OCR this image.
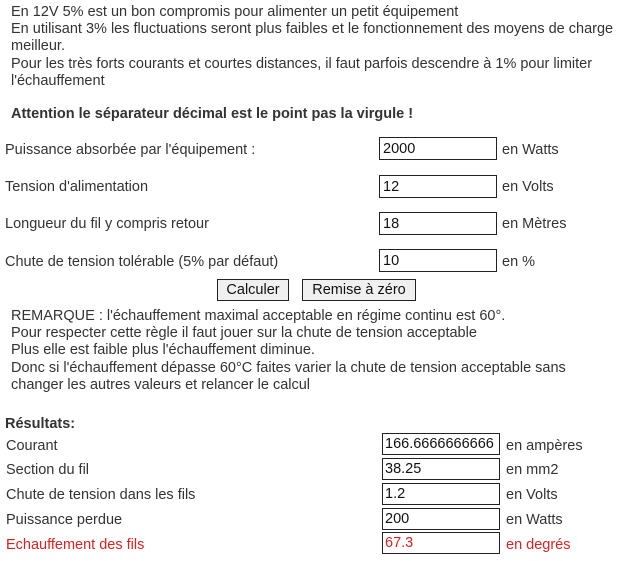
En 12V 5% est un bon compromis pour alimenter un petit équipement

En utilisant 3% les fluctuations seront plus faibles et le fonctionnement des moyens de charge meilleur.

Pour les très forts courants et courtes distances, il faut parfois descendre à 1% pour limiter l'échauffement

Attention le séparateur décimal est le point pas la virgule !
Puissance absorbée par l'équipement :
2000	en Watts
Tension d'alimentation
12	en Volts
Longueur du fil y compris retour
18	en Mètres
Chute de tension tolérable (5% par défaut)
10	en %
Calculer	Remise à zéro

REMARQUE : l'échauffement maximal acceptable en régime continu est 60°.

Pour respecter cette règle il faut jouer sur la chute de tension acceptable

Plus elle est faible plus l'échauffement diminue.

Donc si l'échauffement dépasse 60°C faites varier la chute de tension acceptable sans changer les autres valeurs et relancer le calcul

Résultats:
Courant	166.6666666666 en ampères
Section du fil	38.25	en mm2
Chute de tension dans les fils	1.2	en Volts
Puissance perdue	200	en Watts
Echauffement des fils	67.3	en degrés
